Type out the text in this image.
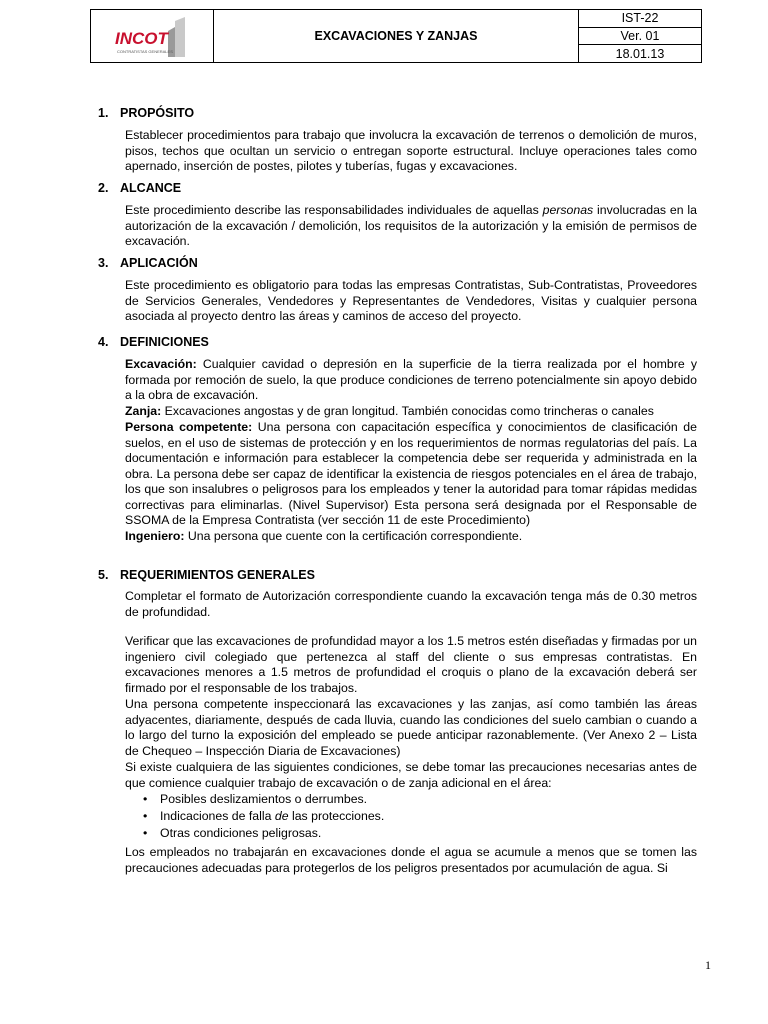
INCOT
CONTRATISTAS GENERALES
EXCAVACIONES Y ZANJAS
IST-22
Ver. 01
18.01.13
1. PROPÓSITO
Establecer procedimientos para trabajo que involucra la excavación de terrenos o demolición de muros, pisos, techos que ocultan un servicio o entregan soporte estructural. Incluye operaciones tales como apernado, inserción de postes, pilotes y tuberías, fugas y excavaciones.
2. ALCANCE
Este procedimiento describe las responsabilidades individuales de aquellas personas involucradas en la autorización de la excavación / demolición, los requisitos de la autorización y la emisión de permisos de excavación.
3. APLICACIÓN
Este procedimiento es obligatorio para todas las empresas Contratistas, Sub-Contratistas, Proveedores de Servicios Generales, Vendedores y Representantes de Vendedores, Visitas y cualquier persona asociada al proyecto dentro las áreas y caminos de acceso del proyecto.
4. DEFINICIONES
Excavación: Cualquier cavidad o depresión en la superficie de la tierra realizada por el hombre y formada por remoción de suelo, la que produce condiciones de terreno potencialmente sin apoyo debido a la obra de excavación.
Zanja: Excavaciones angostas y de gran longitud. También conocidas como trincheras o canales
Persona competente: Una persona con capacitación específica y conocimientos de clasificación de suelos, en el uso de sistemas de protección y en los requerimientos de normas regulatorias del país. La documentación e información para establecer la competencia debe ser requerida y administrada en la obra. La persona debe ser capaz de identificar la existencia de riesgos potenciales en el área de trabajo, los que son insalubres o peligrosos para los empleados y tener la autoridad para tomar rápidas medidas correctivas para eliminarlas. (Nivel Supervisor) Esta persona será designada por el Responsable de SSOMA de la Empresa Contratista (ver sección 11 de este Procedimiento)
Ingeniero: Una persona que cuente con la certificación correspondiente.
5. REQUERIMIENTOS GENERALES
Completar el formato de Autorización correspondiente cuando la excavación tenga más de 0.30 metros de profundidad.
Verificar que las excavaciones de profundidad mayor a los 1.5 metros estén diseñadas y firmadas por un ingeniero civil colegiado que pertenezca al staff del cliente o sus empresas contratistas. En excavaciones menores a 1.5 metros de profundidad el croquis o plano de la excavación deberá ser firmado por el responsable de los trabajos.
Una persona competente inspeccionará las excavaciones y las zanjas, así como también las áreas adyacentes, diariamente, después de cada lluvia, cuando las condiciones del suelo cambian o cuando a lo largo del turno la exposición del empleado se puede anticipar razonablemente. (Ver Anexo 2 – Lista de Chequeo – Inspección Diaria de Excavaciones)
Si existe cualquiera de las siguientes condiciones, se debe tomar las precauciones necesarias antes de que comience cualquier trabajo de excavación o de zanja adicional en el área:
• Posibles deslizamientos o derrumbes.
• Indicaciones de falla de las protecciones.
• Otras condiciones peligrosas.
Los empleados no trabajarán en excavaciones donde el agua se acumule a menos que se tomen las precauciones adecuadas para protegerlos de los peligros presentados por acumulación de agua. Si
1
